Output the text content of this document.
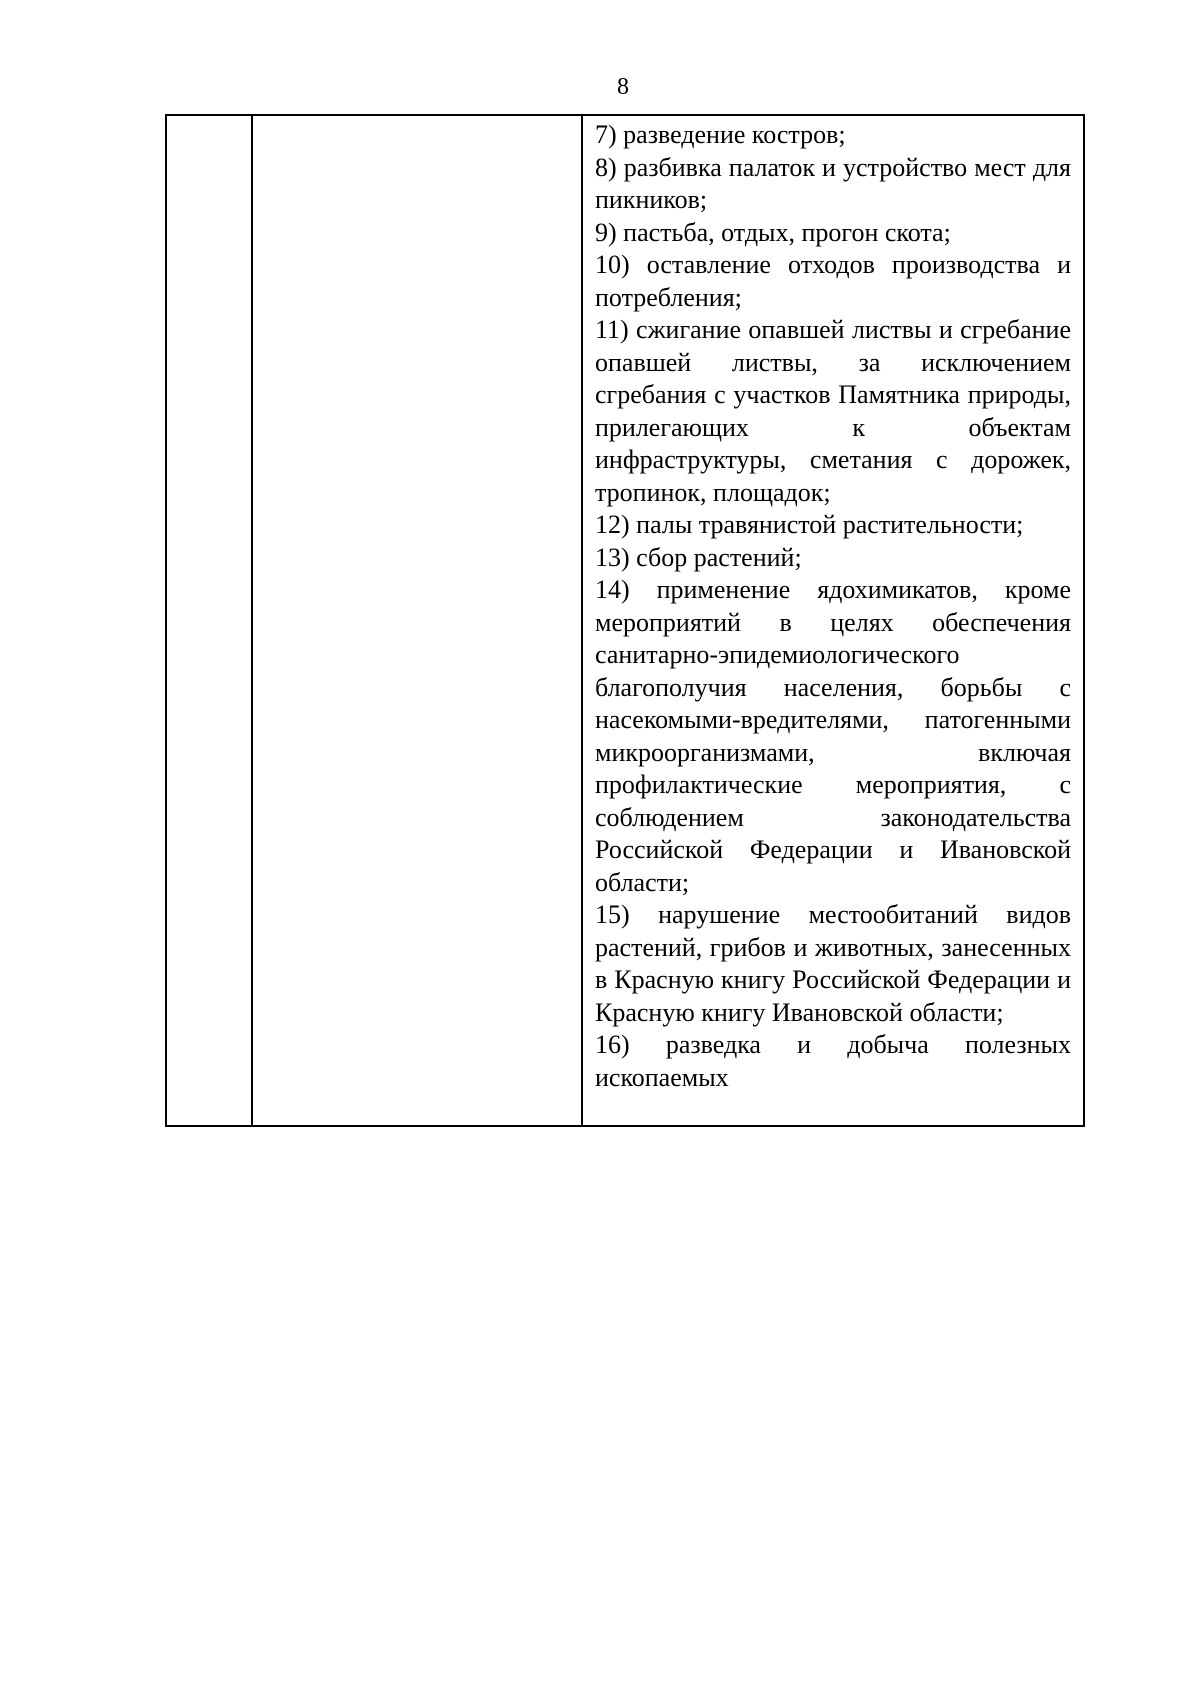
8

7) разведение костров;

8) разбивка палаток и устройство мест для пикников;

9) пастьба, отдых, прогон скота;

10) оставление отходов производства и потребления;

11) сжигание опавшей листвы и сгребание опавшей листвы, за исключением сгребания с участков Памятника природы, прилегающих к объектам инфраструктуры, сметания с дорожек, тропинок, площадок;

12) палы травянистой растительности;

13) сбор растений;

14) применение ядохимикатов, кроме мероприятий в целях обеспечения санитарно-эпидемиологического благополучия населения, борьбы с насекомыми-вредителями, патогенными микроорганизмами, включая профилактические мероприятия, с соблюдением законодательства Российской Федерации и Ивановской области;

15) нарушение местообитаний видов растений, грибов и животных, занесенных в Красную книгу Российской Федерации и Красную книгу Ивановской области;

16) разведка и добыча полезных ископаемых
